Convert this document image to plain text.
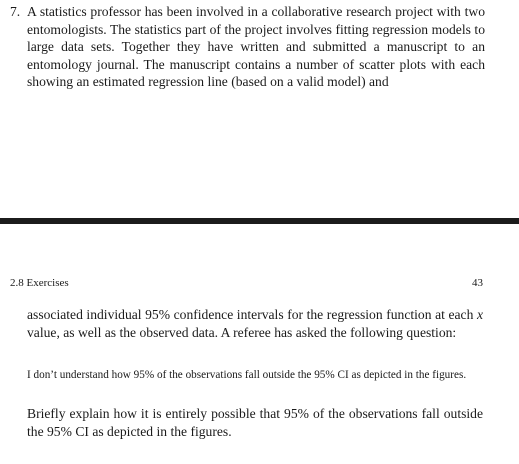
7. A statistics professor has been involved in a collaborative research project with two entomologists. The statistics part of the project involves fitting regression models to large data sets. Together they have written and submitted a manuscript to an entomology journal. The manuscript contains a number of scatter plots with each showing an estimated regression line (based on a valid model) and
2.8 Exercises	43
associated individual 95% confidence intervals for the regression function at each x value, as well as the observed data. A referee has asked the following question:
I don’t understand how 95% of the observations fall outside the 95% CI as depicted in the figures.
Briefly explain how it is entirely possible that 95% of the observations fall outside the 95% CI as depicted in the figures.
